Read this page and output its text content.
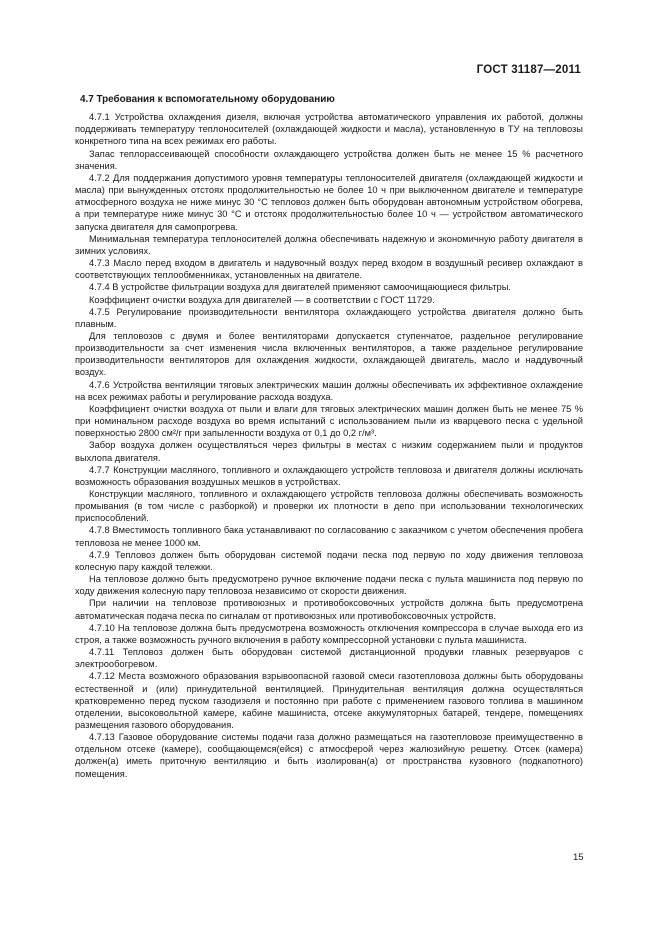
ГОСТ 31187—2011
4.7 Требования к вспомогательному оборудованию

4.7.1 Устройства охлаждения дизеля, включая устройства автоматического управления их работой, должны поддерживать температуру теплоносителей (охлаждающей жидкости и масла), установленную в ТУ на тепловозы конкретного типа на всех режимах его работы.

Запас теплорассеивающей способности охлаждающего устройства должен быть не менее 15 % расчетного значения.

4.7.2 Для поддержания допустимого уровня температуры теплоносителей двигателя (охлаждающей жидкости и масла) при вынужденных отстоях продолжительностью не более 10 ч при выключенном двигателе и температуре атмосферного воздуха не ниже минус 30 °С тепловоз должен быть оборудован автономным устройством обогрева, а при температуре ниже минус 30 °С и отстоях продолжительностью более 10 ч — устройством автоматического запуска двигателя для самопрогрева.

Минимальная температура теплоносителей должна обеспечивать надежную и экономичную работу двигателя в зимних условиях.

4.7.3 Масло перед входом в двигатель и надувочный воздух перед входом в воздушный ресивер охлаждают в соответствующих теплообменниках, установленных на двигателе.

4.7.4 В устройстве фильтрации воздуха для двигателей применяют самоочищающиеся фильтры.

Коэффициент очистки воздуха для двигателей — в соответствии с ГОСТ 11729.

4.7.5 Регулирование производительности вентилятора охлаждающего устройства двигателя должно быть плавным.

Для тепловозов с двумя и более вентиляторами допускается ступенчатое, раздельное регулирование производительности за счет изменения числа включенных вентиляторов, а также раздельное регулирование производительности вентиляторов для охлаждения жидкости, охлаждающей двигатель, масло и наддувочный воздух.

4.7.6 Устройства вентиляции тяговых электрических машин должны обеспечивать их эффективное охлаждение на всех режимах работы и регулирование расхода воздуха.

Коэффициент очистки воздуха от пыли и влаги для тяговых электрических машин должен быть не менее 75 % при номинальном расходе воздуха во время испытаний с использованием пыли из кварцевого песка с удельной поверхностью 2800 см²/г при запыленности воздуха от 0,1 до 0,2 г/м³.

Забор воздуха должен осуществляться через фильтры в местах с низким содержанием пыли и продуктов выхлопа двигателя.

4.7.7 Конструкции масляного, топливного и охлаждающего устройств тепловоза и двигателя должны исключать возможность образования воздушных мешков в устройствах.

Конструкции масляного, топливного и охлаждающего устройств тепловоза должны обеспечивать возможность промывания (в том числе с разборкой) и проверки их плотности в депо при использовании технологических приспособлений.

4.7.8 Вместимость топливного бака устанавливают по согласованию с заказчиком с учетом обеспечения пробега тепловоза не менее 1000 км.

4.7.9 Тепловоз должен быть оборудован системой подачи песка под первую по ходу движения тепловоза колесную пару каждой тележки.

На тепловозе должно быть предусмотрено ручное включение подачи песка с пульта машиниста под первую по ходу движения колесную пару тепловоза независимо от скорости движения.

При наличии на тепловозе противоюзных и противобоксовочных устройств должна быть предусмотрена автоматическая подача песка по сигналам от противоюзных или противобоксовочных устройств.

4.7.10 На тепловозе должна быть предусмотрена возможность отключения компрессора в случае выхода его из строя, а также возможность ручного включения в работу компрессорной установки с пульта машиниста.

4.7.11 Тепловоз должен быть оборудован системой дистанционной продувки главных резервуаров с электрообогревом.

4.7.12 Места возможного образования взрывоопасной газовой смеси газотепловоза должны быть оборудованы естественной и (или) принудительной вентиляцией. Принудительная вентиляция должна осуществляться кратковременно перед пуском газодизеля и постоянно при работе с применением газового топлива в машинном отделении, высоковольтной камере, кабине машиниста, отсеке аккумуляторных батарей, тендере, помещениях размещения газового оборудования.

4.7.13 Газовое оборудование системы подачи газа должно размещаться на газотепловозе преимущественно в отдельном отсеке (камере), сообщающемся(ейся) с атмосферой через жалюзийную решетку. Отсек (камера) должен(а) иметь приточную вентиляцию и быть изолирован(а) от пространства кузовного (подкапотного) помещения.

15
